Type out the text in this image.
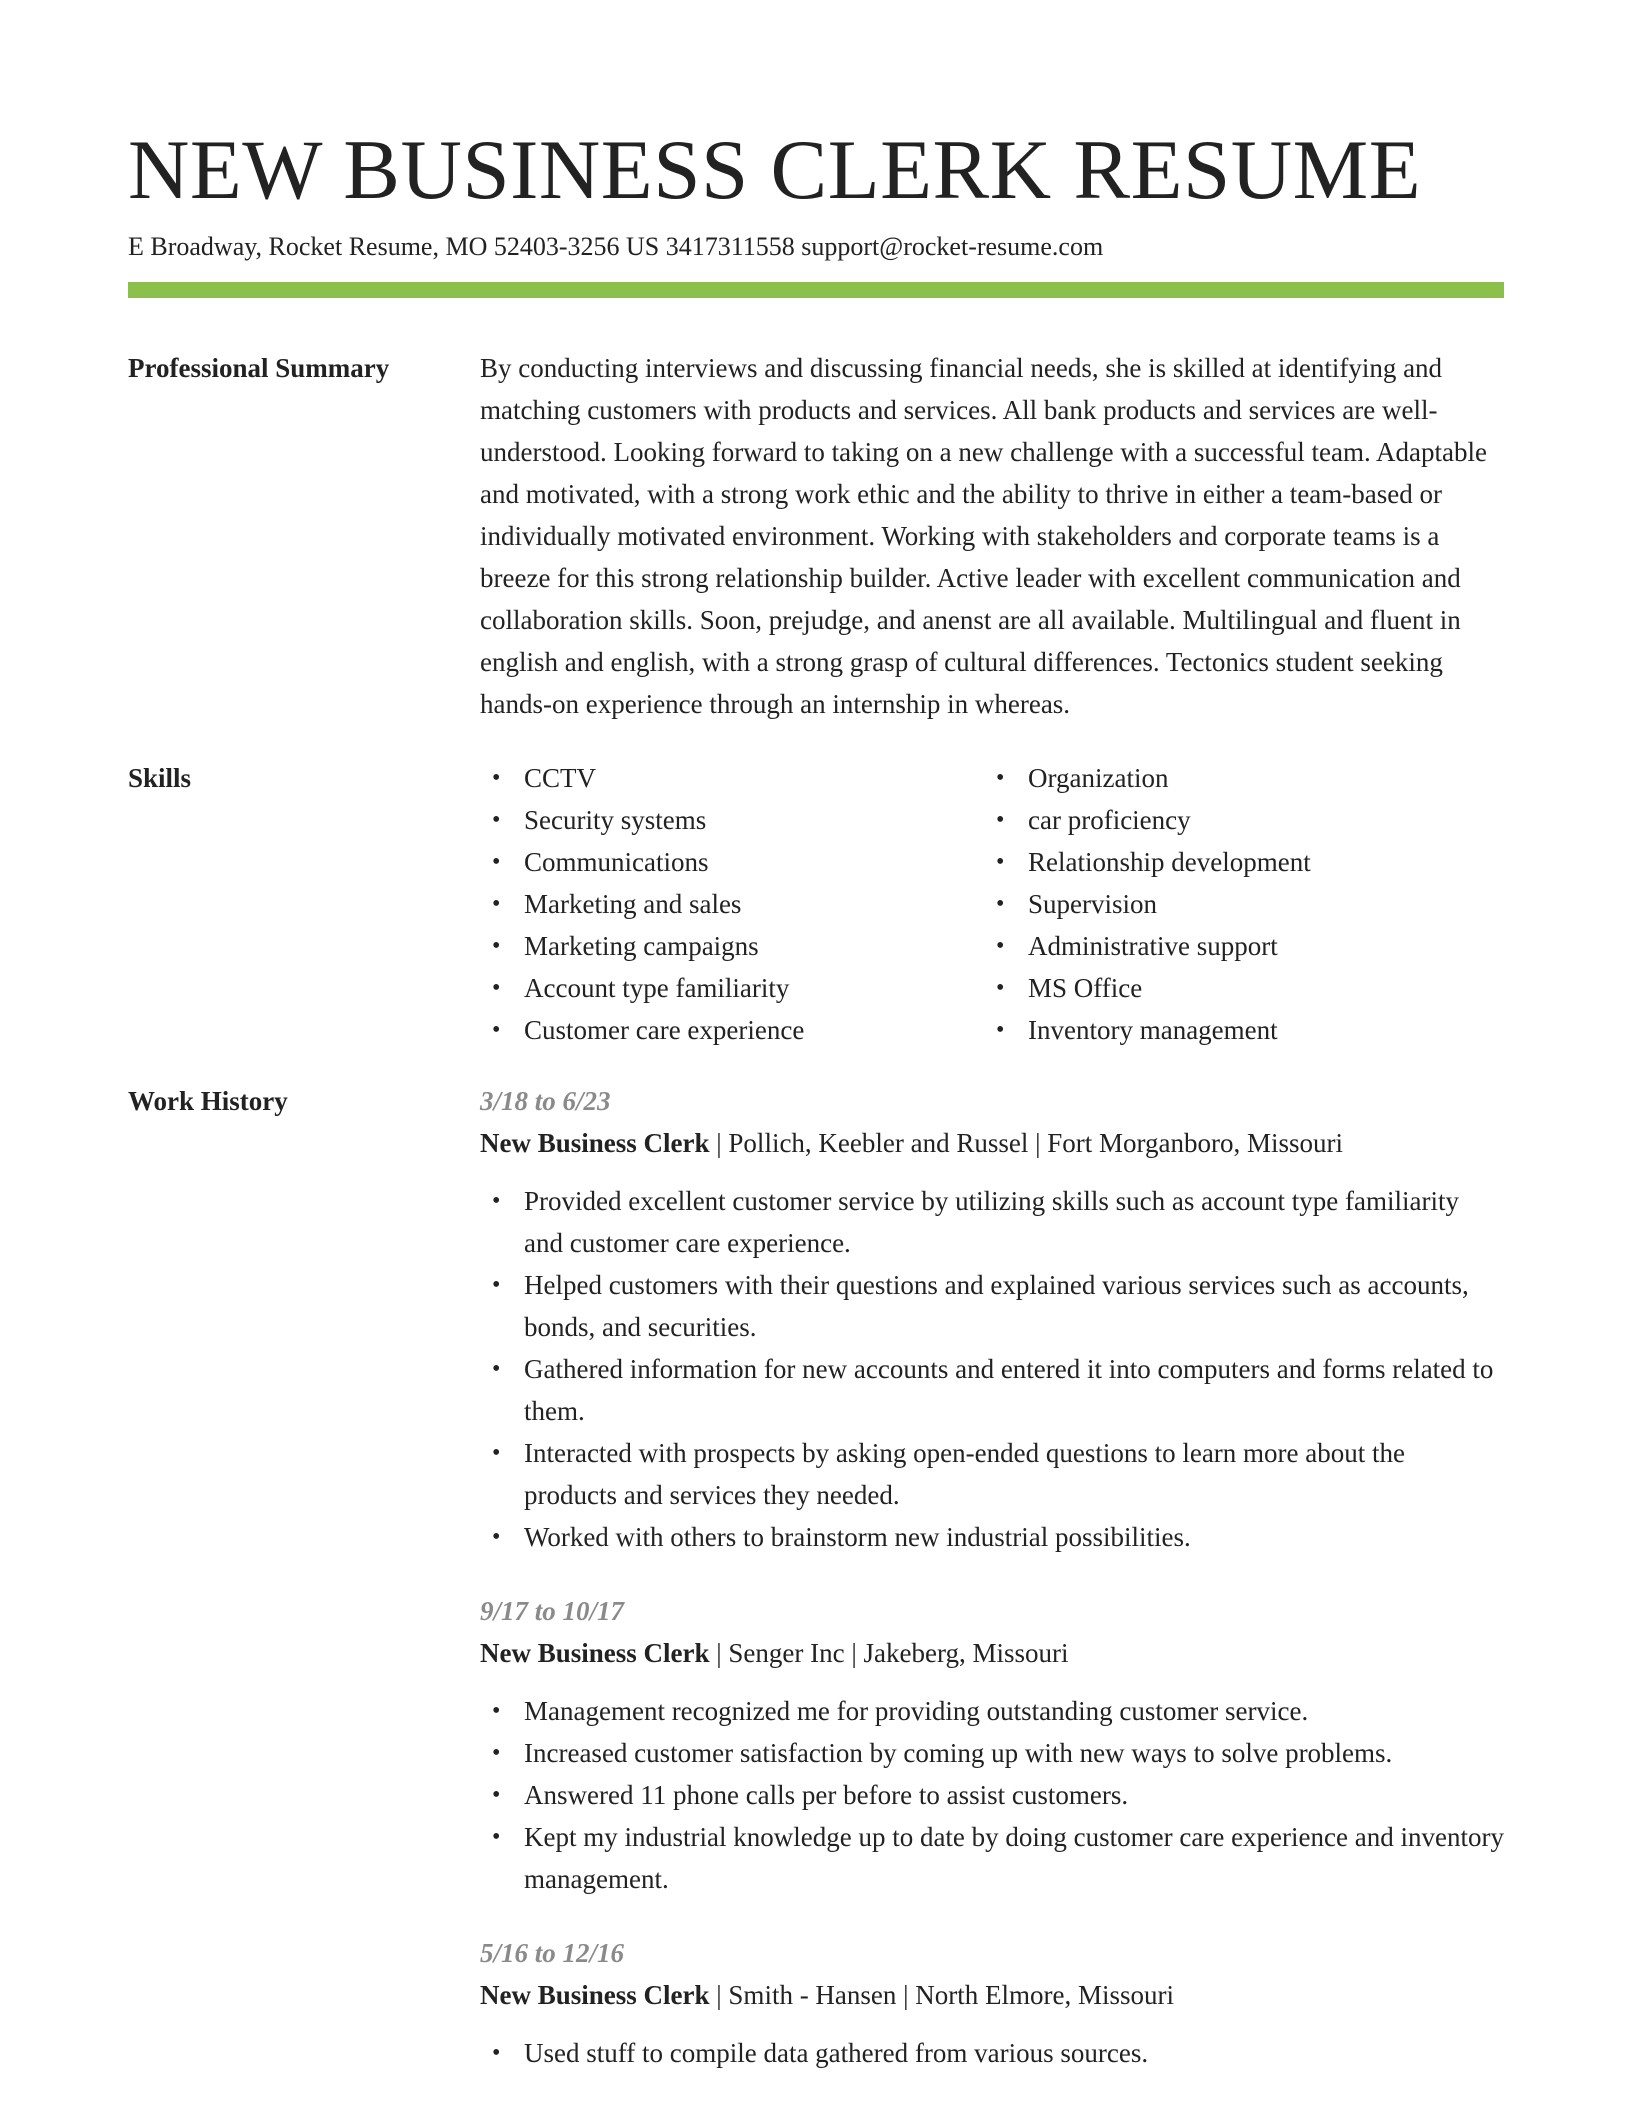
NEW BUSINESS CLERK RESUME
E Broadway, Rocket Resume, MO 52403-3256 US 3417311558 support@rocket-resume.com
Professional Summary	By conducting interviews and discussing financial needs, she is skilled at identifying and matching customers with products and services. All bank products and services are well-understood. Looking forward to taking on a new challenge with a successful team. Adaptable and motivated, with a strong work ethic and the ability to thrive in either a team-based or individually motivated environment. Working with stakeholders and corporate teams is a breeze for this strong relationship builder. Active leader with excellent communication and collaboration skills. Soon, prejudge, and anenst are all available. Multilingual and fluent in english and english, with a strong grasp of cultural differences. Tectonics student seeking hands-on experience through an internship in whereas.
Skills
•	CCTV
• Security systems
• Communications
• Marketing and sales
• Marketing campaigns
• Account type familiarity
• Customer care experience
• Organization
• car proficiency
• Relationship development
• Supervision
• Administrative support
• MS Office
• Inventory management
Work History	3/18 to 6/23
New Business Clerk | Pollich, Keebler and Russel | Fort Morganboro, Missouri
• Provided excellent customer service by utilizing skills such as account type familiarity and customer care experience.
• Helped customers with their questions and explained various services such as accounts, bonds, and securities.
• Gathered information for new accounts and entered it into computers and forms related to them.
• Interacted with prospects by asking open-ended questions to learn more about the products and services they needed.
• Worked with others to brainstorm new industrial possibilities.
9/17 to 10/17
New Business Clerk | Senger Inc | Jakeberg, Missouri
• Management recognized me for providing outstanding customer service.
• Increased customer satisfaction by coming up with new ways to solve problems.
• Answered 11 phone calls per before to assist customers.
• Kept my industrial knowledge up to date by doing customer care experience and inventory management.
5/16 to 12/16
New Business Clerk | Smith - Hansen | North Elmore, Missouri
• Used stuff to compile data gathered from various sources.
